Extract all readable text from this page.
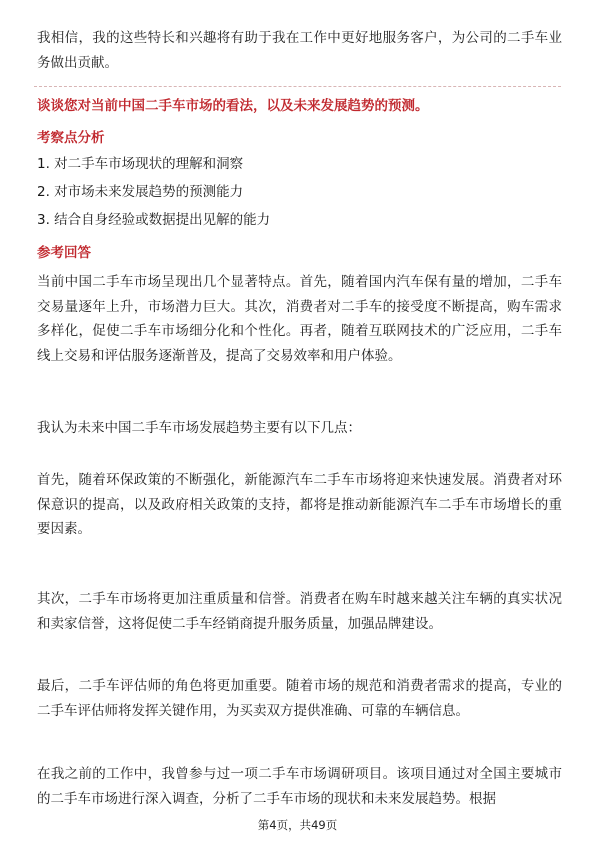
我相信，我的这些特长和兴趣将有助于我在工作中更好地服务客户，为公司的二手车业务做出贡献。

谈谈您对当前中国二手车市场的看法，以及未来发展趋势的预测。

考察点分析

1. 对二手车市场现状的理解和洞察

2. 对市场未来发展趋势的预测能力

3. 结合自身经验或数据提出见解的能力

参考回答

当前中国二手车市场呈现出几个显著特点。首先，随着国内汽车保有量的增加，二手车交易量逐年上升，市场潜力巨大。其次，消费者对二手车的接受度不断提高，购车需求多样化，促使二手车市场细分化和个性化。再者，随着互联网技术的广泛应用，二手车线上交易和评估服务逐渐普及，提高了交易效率和用户体验。

我认为未来中国二手车市场发展趋势主要有以下几点：

首先，随着环保政策的不断强化，新能源汽车二手车市场将迎来快速发展。消费者对环保意识的提高，以及政府相关政策的支持，都将是推动新能源汽车二手车市场增长的重要因素。

其次，二手车市场将更加注重质量和信誉。消费者在购车时越来越关注车辆的真实状况和卖家信誉，这将促使二手车经销商提升服务质量，加强品牌建设。

最后，二手车评估师的角色将更加重要。随着市场的规范和消费者需求的提高，专业的二手车评估师将发挥关键作用，为买卖双方提供准确、可靠的车辆信息。

在我之前的工作中，我曾参与过一项二手车市场调研项目。该项目通过对全国主要城市的二手车市场进行深入调查，分析了二手车市场的现状和未来发展趋势。根据

第4页，共49页
